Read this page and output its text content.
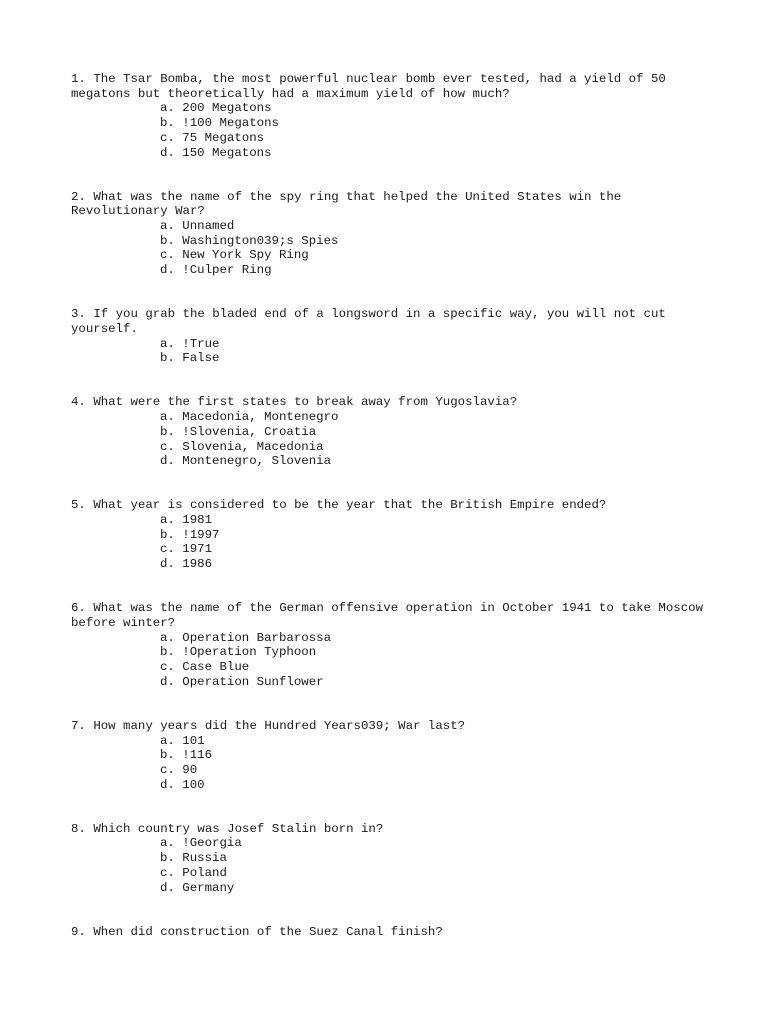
1. The Tsar Bomba, the most powerful nuclear bomb ever tested, had a yield of 50 megatons but theoretically had a maximum yield of how much?
a. 200 Megatons
b. !100 Megatons
c. 75 Megatons
d. 150 Megatons
2. What was the name of the spy ring that helped the United States win the Revolutionary War?
a. Unnamed
b. Washington039;s Spies
c. New York Spy Ring
d. !Culper Ring
3. If you grab the bladed end of a longsword in a specific way, you will not cut yourself.
a. !True
b. False
4. What were the first states to break away from Yugoslavia?
a. Macedonia, Montenegro
b. !Slovenia, Croatia
c. Slovenia, Macedonia
d. Montenegro, Slovenia
5. What year is considered to be the year that the British Empire ended?
a. 1981
b. !1997
c. 1971
d. 1986
6. What was the name of the German offensive operation in October 1941 to take Moscow before winter?
a. Operation Barbarossa
b. !Operation Typhoon
c. Case Blue
d. Operation Sunflower
7. How many years did the Hundred Years039; War last?
a. 101
b. !116
c. 90
d. 100
8. Which country was Josef Stalin born in?
a. !Georgia
b. Russia
c. Poland
d. Germany
9. When did construction of the Suez Canal finish?
